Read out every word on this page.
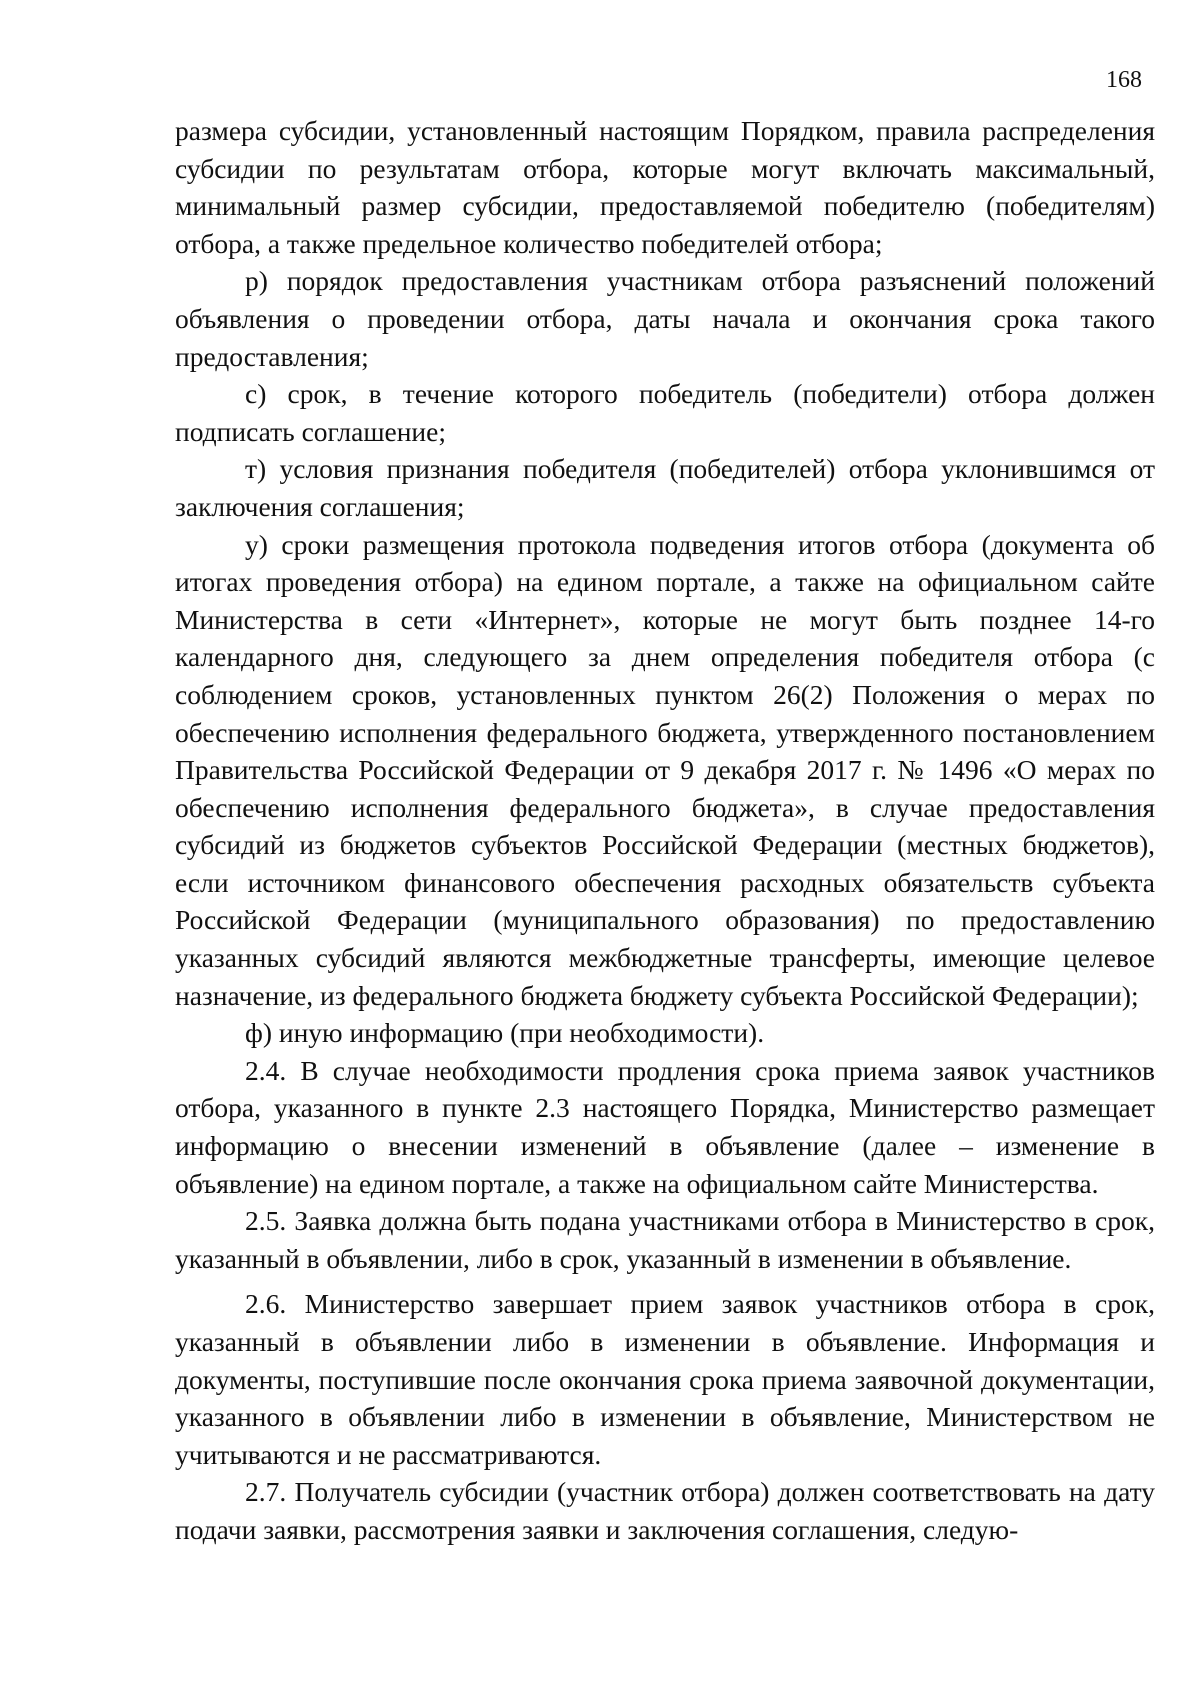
168

размера субсидии, установленный настоящим Порядком, правила распределения субсидии по результатам отбора, которые могут включать максимальный, минимальный размер субсидии, предоставляемой победителю (победителям) отбора, а также предельное количество победителей отбора;

р) порядок предоставления участникам отбора разъяснений положений объявления о проведении отбора, даты начала и окончания срока такого предоставления;

с) срок, в течение которого победитель (победители) отбора должен подписать соглашение;

т) условия признания победителя (победителей) отбора уклонившимся от заключения соглашения;

у) сроки размещения протокола подведения итогов отбора (документа об итогах проведения отбора) на едином портале, а также на официальном сайте Министерства в сети «Интернет», которые не могут быть позднее 14-го календарного дня, следующего за днем определения победителя отбора (с соблюдением сроков, установленных пунктом 26(2) Положения о мерах по обеспечению исполнения федерального бюджета, утвержденного постановлением Правительства Российской Федерации от 9 декабря 2017 г. № 1496 «О мерах по обеспечению исполнения федерального бюджета», в случае предоставления субсидий из бюджетов субъектов Российской Федерации (местных бюджетов), если источником финансового обеспечения расходных обязательств субъекта Российской Федерации (муниципального образования) по предоставлению указанных субсидий являются межбюджетные трансферты, имеющие целевое назначение, из федерального бюджета бюджету субъекта Российской Федерации);

ф) иную информацию (при необходимости).

2.4. В случае необходимости продления срока приема заявок участников отбора, указанного в пункте 2.3 настоящего Порядка, Министерство размещает информацию о внесении изменений в объявление (далее – изменение в объявление) на едином портале, а также на официальном сайте Министерства.

2.5. Заявка должна быть подана участниками отбора в Министерство в срок, указанный в объявлении, либо в срок, указанный в изменении в объявление.

2.6. Министерство завершает прием заявок участников отбора в срок, указанный в объявлении либо в изменении в объявление. Информация и документы, поступившие после окончания срока приема заявочной документации, указанного в объявлении либо в изменении в объявление, Министерством не учитываются и не рассматриваются.

2.7. Получатель субсидии (участник отбора) должен соответствовать на дату подачи заявки, рассмотрения заявки и заключения соглашения, следую-
